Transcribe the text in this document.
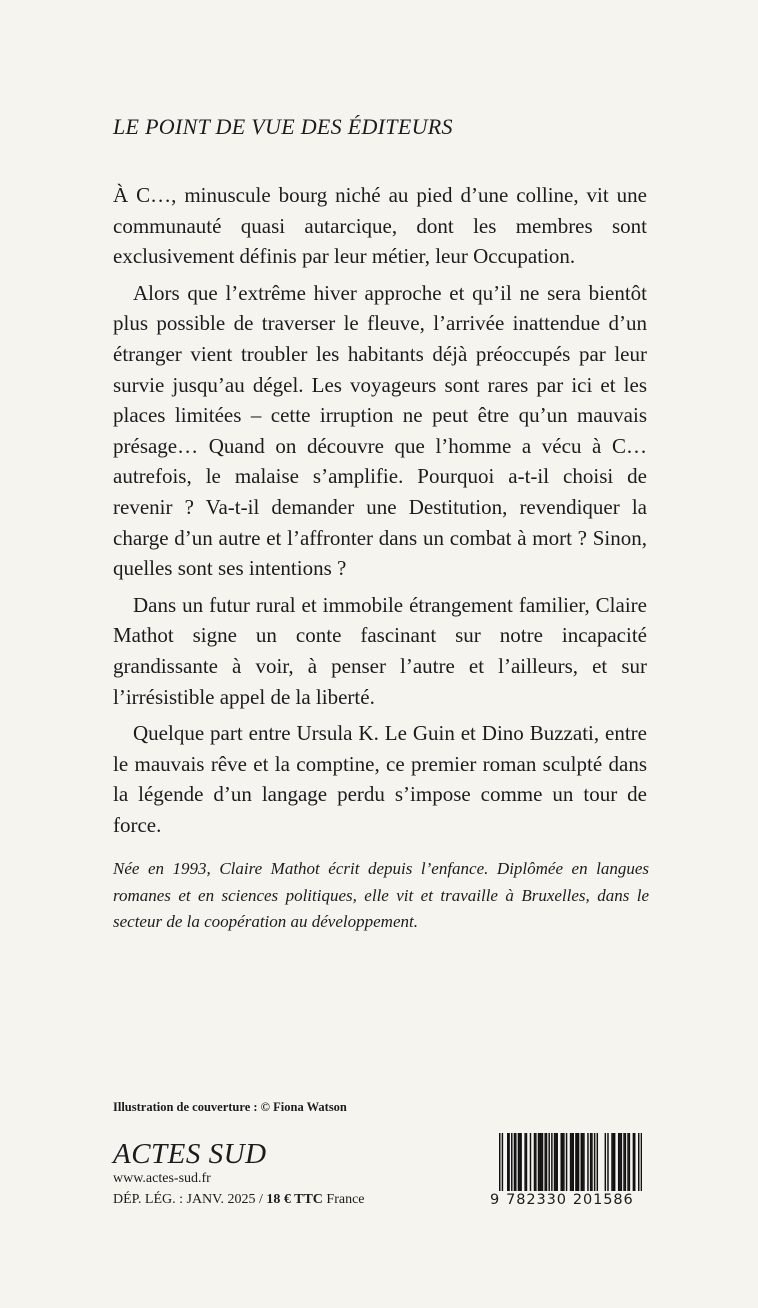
LE POINT DE VUE DES ÉDITEURS

À C…, minuscule bourg niché au pied d’une colline, vit une communauté quasi autarcique, dont les membres sont exclusivement définis par leur métier, leur Occupation.

Alors que l’extrême hiver approche et qu’il ne sera bientôt plus possible de traverser le fleuve, l’arrivée inattendue d’un étranger vient troubler les habitants déjà préoccupés par leur survie jusqu’au dégel. Les voyageurs sont rares par ici et les places limitées – cette irruption ne peut être qu’un mauvais présage… Quand on découvre que l’homme a vécu à C… autrefois, le malaise s’amplifie. Pourquoi a-t-il choisi de revenir ? Va-t-il demander une Destitution, revendiquer la charge d’un autre et l’affronter dans un combat à mort ? Sinon, quelles sont ses intentions ?

Dans un futur rural et immobile étrangement familier, Claire Mathot signe un conte fascinant sur notre incapacité grandissante à voir, à penser l’autre et l’ailleurs, et sur l’irrésistible appel de la liberté.

Quelque part entre Ursula K. Le Guin et Dino Buzzati, entre le mauvais rêve et la comptine, ce premier roman sculpté dans la légende d’un langage perdu s’impose comme un tour de force.

Née en 1993, Claire Mathot écrit depuis l’enfance. Diplômée en langues romanes et en sciences politiques, elle vit et travaille à Bruxelles, dans le secteur de la coopération au développement.
Illustration de couverture : © Fiona Watson
ACTES SUD
www.actes-sud.fr
DÉP. LÉG. : JANV. 2025 / 18 € TTC France	9 782330 201586
